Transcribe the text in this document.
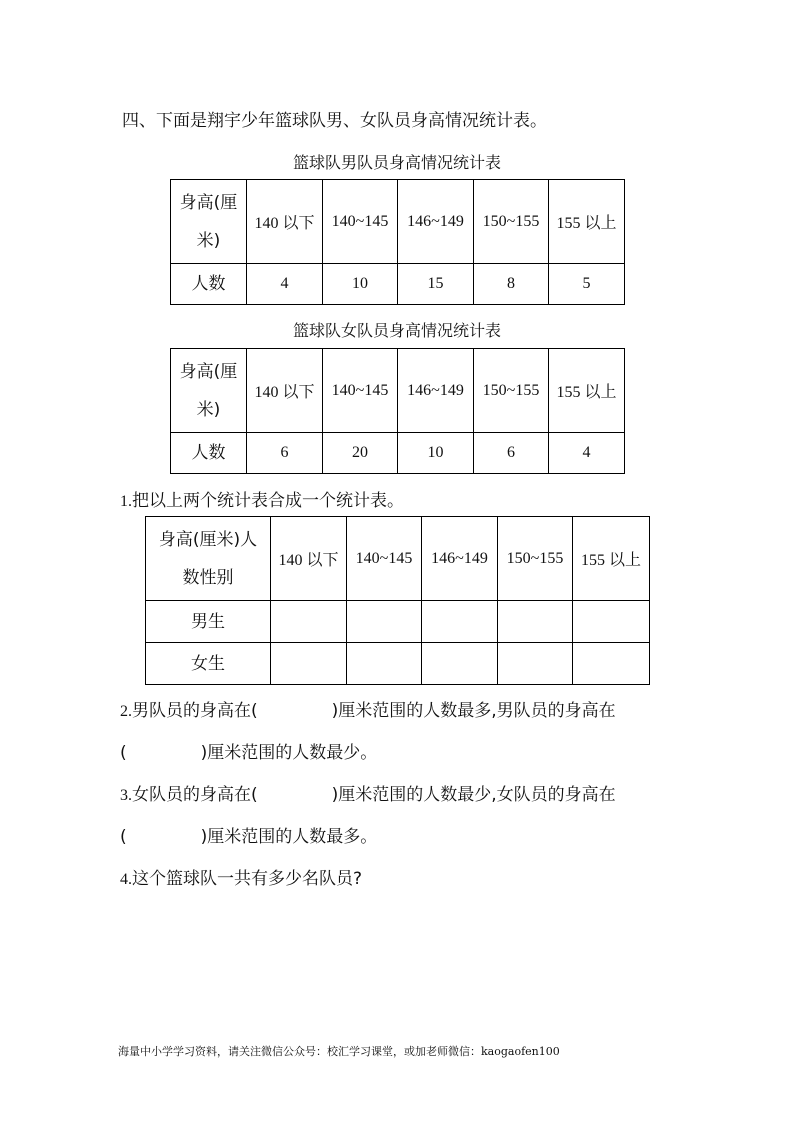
四、下面是翔宇少年篮球队男、女队员身高情况统计表。
篮球队男队员身高情况统计表
身高(厘
米)	140 以下	140~145	146~149	150~155	155 以上
人数	4	10	15	8	5
篮球队女队员身高情况统计表
身高(厘
米)	140 以下	140~145	146~149	150~155	155 以上
人数	6	20	10	6	4
1.把以上两个统计表合成一个统计表。
身高(厘米)人
数性别	140 以下	140~145	146~149	150~155	155 以上
男生					
女生					
2.男队员的身高在(	)厘米范围的人数最多,男队员的身高在
(	)厘米范围的人数最少。
3.女队员的身高在(	)厘米范围的人数最少,女队员的身高在
(	)厘米范围的人数最多。
4.这个篮球队一共有多少名队员?
海量中小学学习资料，请关注微信公众号：校汇学习课堂，或加老师微信：kaogaofen100
